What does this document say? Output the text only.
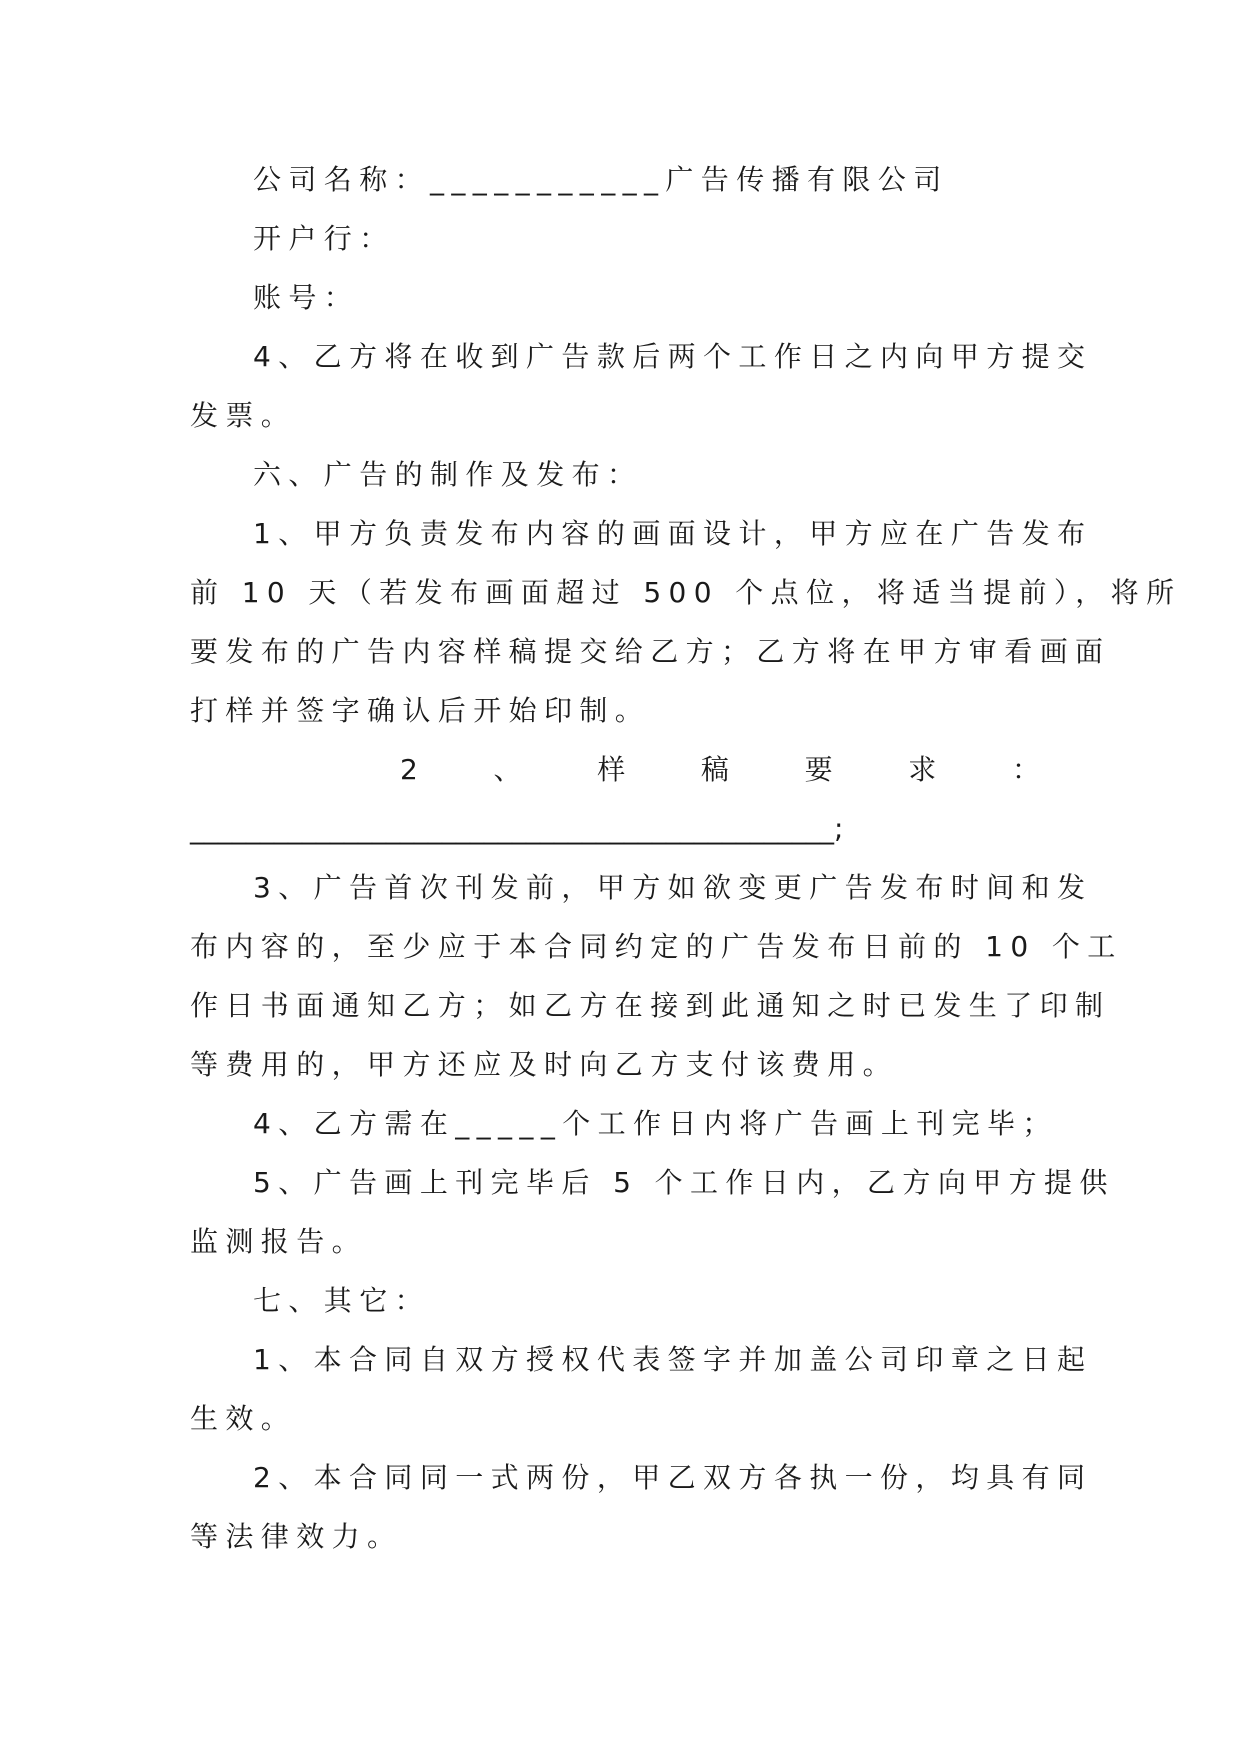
公司名称：___________广告传播有限公司
开户行：
账号：
4、乙方将在收到广告款后两个工作日之内向甲方提交
发票。
六、广告的制作及发布：
1、甲方负责发布内容的画面设计，甲方应在广告发布
前 10 天（若发布画面超过 500 个点位，将适当提前），将所
要发布的广告内容样稿提交给乙方；乙方将在甲方审看画面
打样并签字确认后开始印制。
2	、	样	稿	要	求	：
______________________________________________;
3、广告首次刊发前，甲方如欲变更广告发布时间和发
布内容的，至少应于本合同约定的广告发布日前的 10 个工
作日书面通知乙方；如乙方在接到此通知之时已发生了印制
等费用的，甲方还应及时向乙方支付该费用。
4、乙方需在_____个工作日内将广告画上刊完毕；
5、广告画上刊完毕后 5 个工作日内，乙方向甲方提供
监测报告。
七、其它：
1、本合同自双方授权代表签字并加盖公司印章之日起
生效。
2、本合同同一式两份，甲乙双方各执一份，均具有同
等法律效力。
